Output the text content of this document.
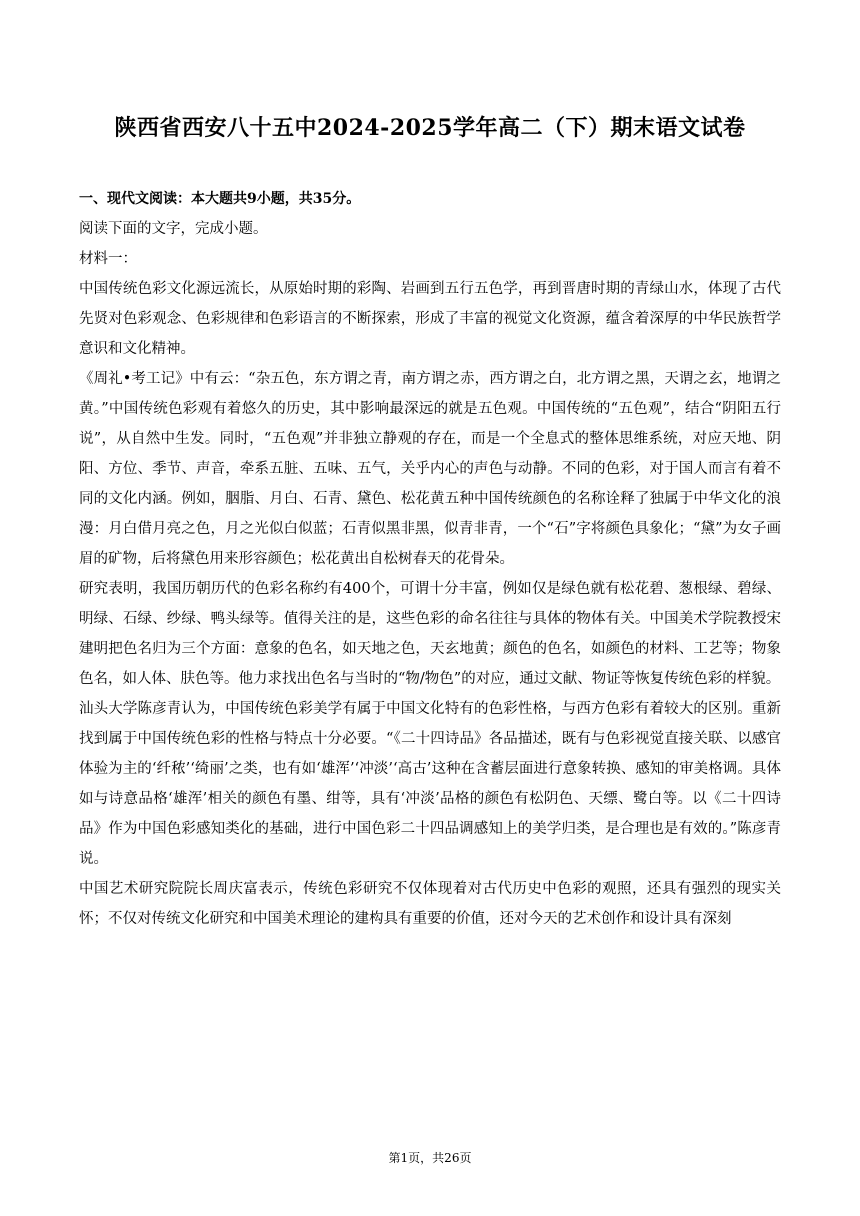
陕西省西安八十五中2024-2025学年高二（下）期末语文试卷

一、现代文阅读：本大题共9小题，共35分。

阅读下面的文字，完成小题。

材料一：

中国传统色彩文化源远流长，从原始时期的彩陶、岩画到五行五色学，再到晋唐时期的青绿山水，体现了古代先贤对色彩观念、色彩规律和色彩语言的不断探索，形成了丰富的视觉文化资源，蕴含着深厚的中华民族哲学意识和文化精神。

《周礼•考工记》中有云：“杂五色，东方谓之青，南方谓之赤，西方谓之白，北方谓之黑，天谓之玄，地谓之黄。”中国传统色彩观有着悠久的历史，其中影响最深远的就是五色观。中国传统的“五色观”，结合“阴阳五行说”，从自然中生发。同时，“五色观”并非独立静观的存在，而是一个全息式的整体思维系统，对应天地、阴阳、方位、季节、声音，牵系五脏、五味、五气，关乎内心的声色与动静。不同的色彩，对于国人而言有着不同的文化内涵。例如，胭脂、月白、石青、黛色、松花黄五种中国传统颜色的名称诠释了独属于中华文化的浪漫：月白借月亮之色，月之光似白似蓝；石青似黑非黑，似青非青，一个“石”字将颜色具象化；“黛”为女子画眉的矿物，后将黛色用来形容颜色；松花黄出自松树春天的花骨朵。

研究表明，我国历朝历代的色彩名称约有400个，可谓十分丰富，例如仅是绿色就有松花碧、葱根绿、碧绿、明绿、石绿、纱绿、鸭头绿等。值得关注的是，这些色彩的命名往往与具体的物体有关。中国美术学院教授宋建明把色名归为三个方面：意象的色名，如天地之色，天玄地黄；颜色的色名，如颜色的材料、工艺等；物象色名，如人体、肤色等。他力求找出色名与当时的“物/物色”的对应，通过文献、物证等恢复传统色彩的样貌。

汕头大学陈彦青认为，中国传统色彩美学有属于中国文化特有的色彩性格，与西方色彩有着较大的区别。重新找到属于中国传统色彩的性格与特点十分必要。“《二十四诗品》各品描述，既有与色彩视觉直接关联、以感官体验为主的‘纤秾’‘绮丽’之类，也有如‘雄浑’‘冲淡’‘高古’这种在含蓄层面进行意象转换、感知的审美格调。具体如与诗意品格‘雄浑’相关的颜色有墨、绀等，具有‘冲淡’品格的颜色有松阴色、天缥、鹭白等。以《二十四诗品》作为中国色彩感知类化的基础，进行中国色彩二十四品调感知上的美学归类，是合理也是有效的。”陈彦青说。

中国艺术研究院院长周庆富表示，传统色彩研究不仅体现着对古代历史中色彩的观照，还具有强烈的现实关怀；不仅对传统文化研究和中国美术理论的建构具有重要的价值，还对今天的艺术创作和设计具有深刻

第1页，共26页
